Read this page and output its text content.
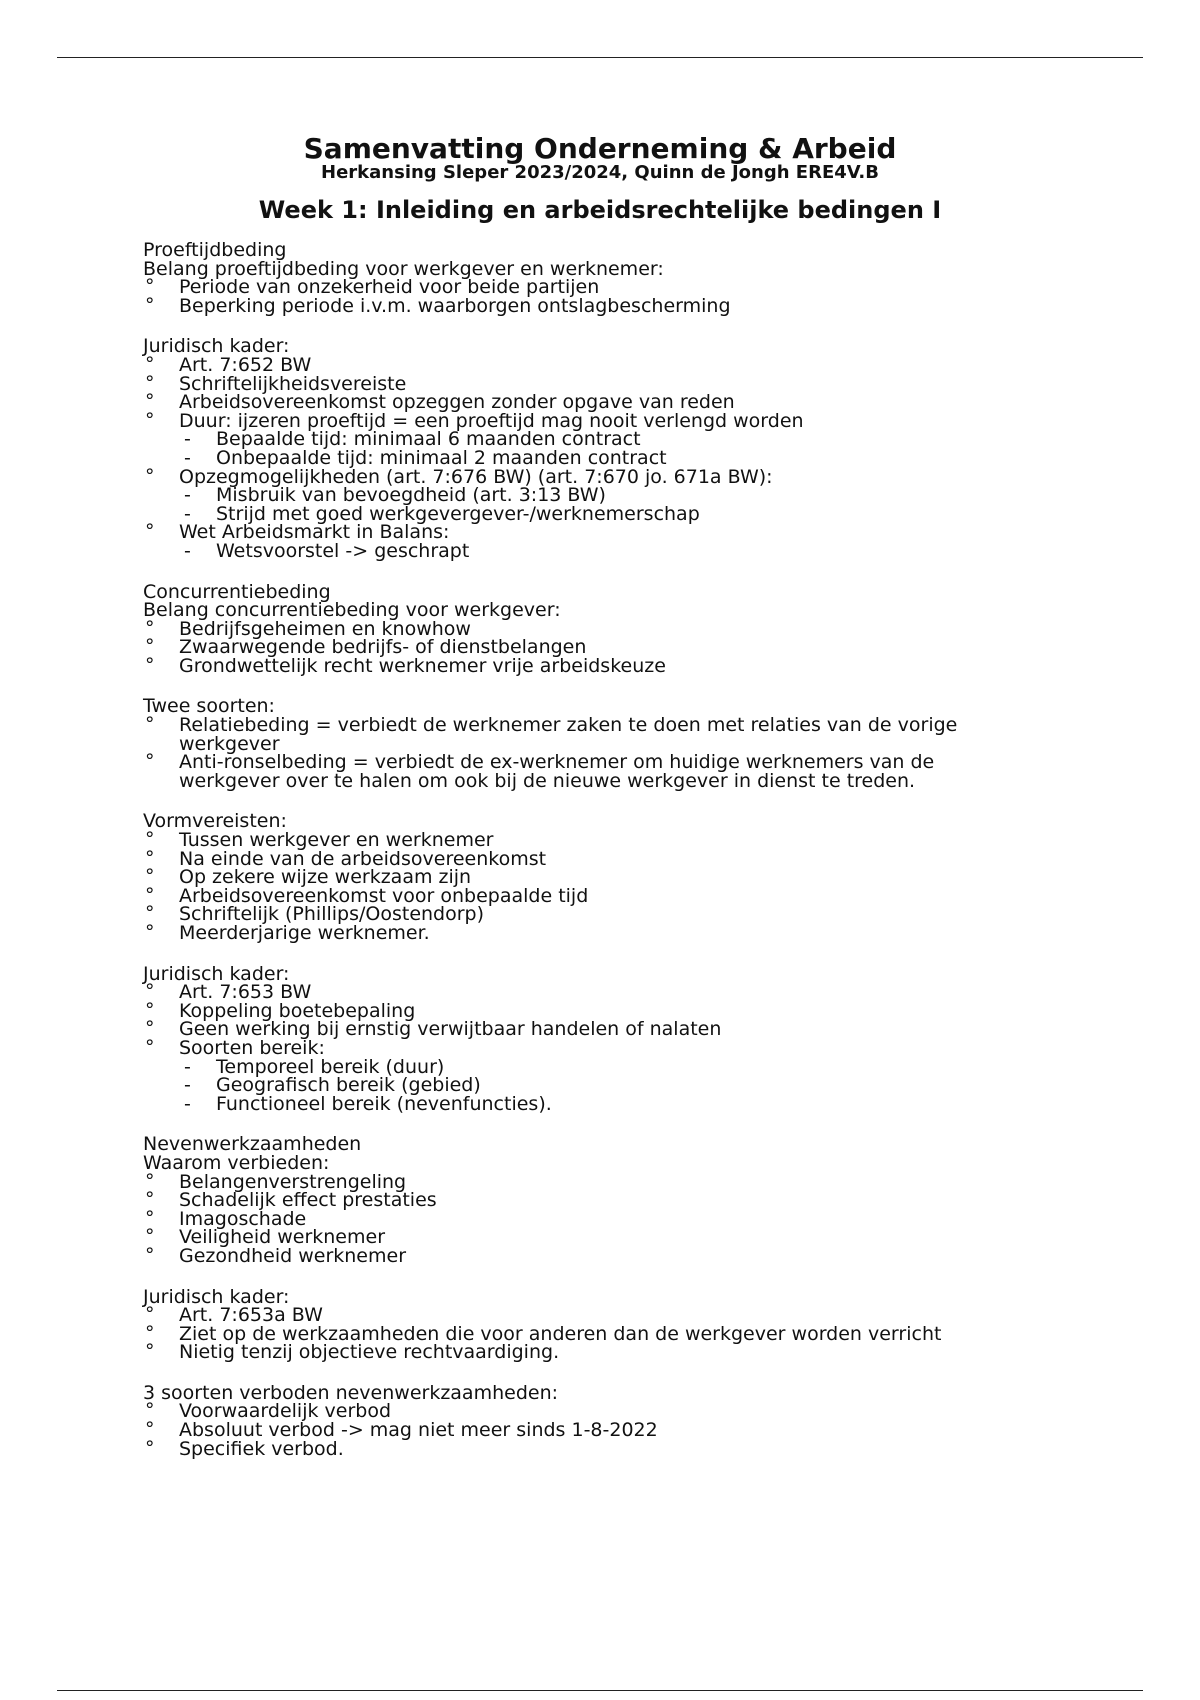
Samenvatting Onderneming & Arbeid
Herkansing Sleper 2023/2024, Quinn de Jongh ERE4V.B
Week 1: Inleiding en arbeidsrechtelijke bedingen I
Proeftijdbeding
Belang proeftijdbeding voor werkgever en werknemer:
° Periode van onzekerheid voor beide partijen
° Beperking periode i.v.m. waarborgen ontslagbescherming
Juridisch kader:
° Art. 7:652 BW
° Schriftelijkheidsvereiste
° Arbeidsovereenkomst opzeggen zonder opgave van reden
° Duur: ijzeren proeftijd = een proeftijd mag nooit verlengd worden
- Bepaalde tijd: minimaal 6 maanden contract
- Onbepaalde tijd: minimaal 2 maanden contract
° Opzegmogelijkheden (art. 7:676 BW) (art. 7:670 jo. 671a BW):
- Misbruik van bevoegdheid (art. 3:13 BW)
- Strijd met goed werkgevergever-/werknemerschap
° Wet Arbeidsmarkt in Balans:
- Wetsvoorstel -> geschrapt
Concurrentiebeding
Belang concurrentiebeding voor werkgever:
° Bedrijfsgeheimen en knowhow
° Zwaarwegende bedrijfs- of dienstbelangen
° Grondwettelijk recht werknemer vrije arbeidskeuze
Twee soorten:
° Relatiebeding = verbiedt de werknemer zaken te doen met relaties van de vorige
werkgever
° Anti-ronselbeding = verbiedt de ex-werknemer om huidige werknemers van de
werkgever over te halen om ook bij de nieuwe werkgever in dienst te treden.
Vormvereisten:
° Tussen werkgever en werknemer
° Na einde van de arbeidsovereenkomst
° Op zekere wijze werkzaam zijn
° Arbeidsovereenkomst voor onbepaalde tijd
° Schriftelijk (Phillips/Oostendorp)
° Meerderjarige werknemer.
Juridisch kader:
° Art. 7:653 BW
° Koppeling boetebepaling
° Geen werking bij ernstig verwijtbaar handelen of nalaten
° Soorten bereik:
- Temporeel bereik (duur)
- Geografisch bereik (gebied)
- Functioneel bereik (nevenfuncties).
Nevenwerkzaamheden
Waarom verbieden:
° Belangenverstrengeling
° Schadelijk effect prestaties
° Imagoschade
° Veiligheid werknemer
° Gezondheid werknemer
Juridisch kader:
° Art. 7:653a BW
° Ziet op de werkzaamheden die voor anderen dan de werkgever worden verricht
° Nietig tenzij objectieve rechtvaardiging.
3 soorten verboden nevenwerkzaamheden:
° Voorwaardelijk verbod
° Absoluut verbod -> mag niet meer sinds 1-8-2022
° Specifiek verbod.
